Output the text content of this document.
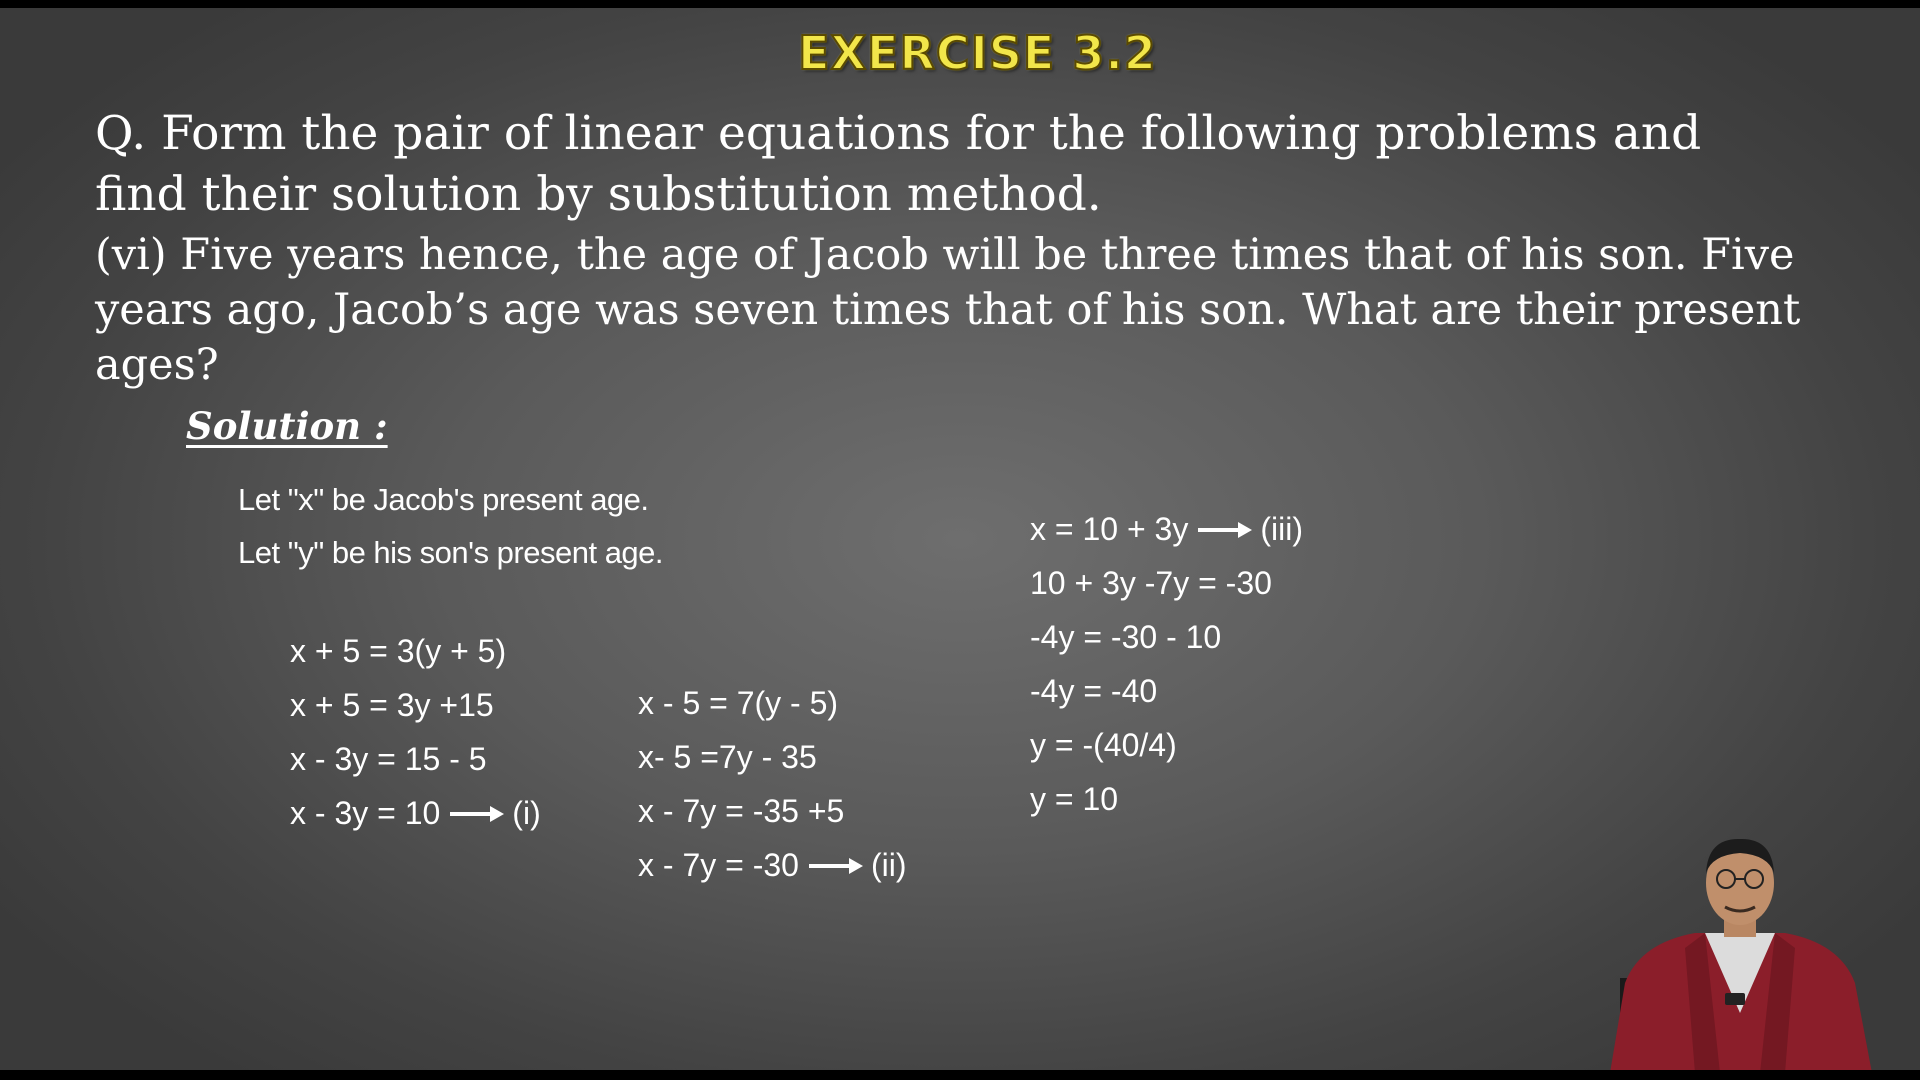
EXERCISE 3.2
Q. Form the pair of linear equations for the following problems and
find their solution by substitution method.
(vi) Five years hence, the age of Jacob will be three times that of his son. Five
years ago, Jacob’s age was seven times that of his son. What are their present
ages?
Solution :
Let "x" be Jacob's present age.
Let "y" be his son's present age.
x + 5 = 3(y + 5)
x + 5 = 3y +15
x - 3y = 15 - 5
x - 3y = 10 (i)
x - 5 = 7(y - 5)
x- 5 =7y - 35
x - 7y = -35 +5
x - 7y = -30 (ii)
x = 10 + 3y (iii)
10 + 3y -7y = -30
-4y = -30 - 10
-4y = -40
y = -(40/4)
y = 10
